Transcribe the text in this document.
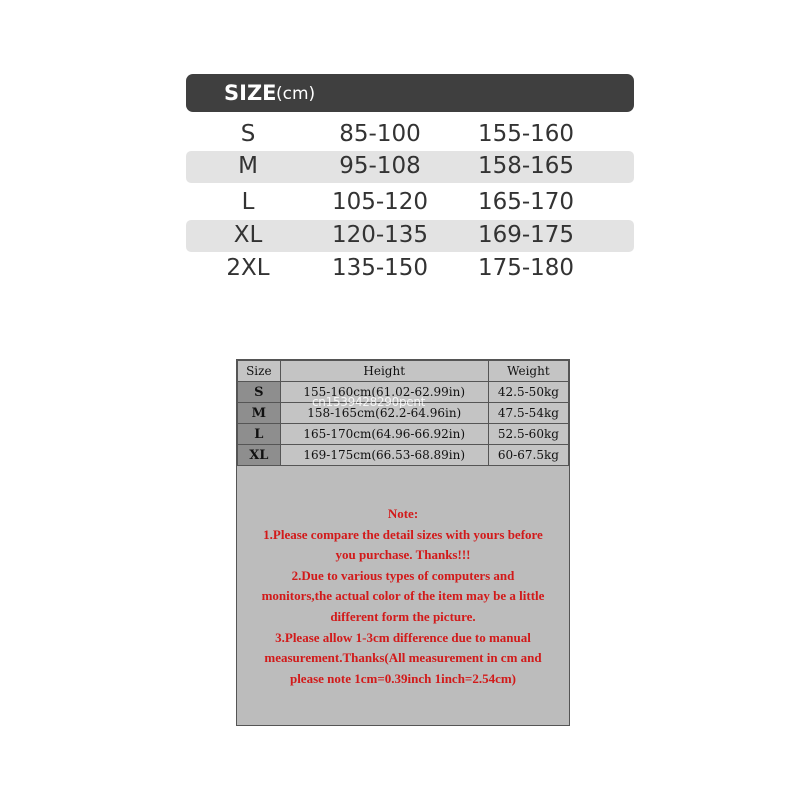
SIZE (cm)
S	85-100	155-160
M	95-108	158-165
L	105-120	165-170
XL	120-135	169-175
2XL	135-150	175-180
Size	Height	Weight
S	155-160cm(61.02-62.99in)	42.5-50kg
M	158-165cm(62.2-64.96in)	47.5-54kg
L	165-170cm(64.96-66.92in)	52.5-60kg
XL	169-175cm(66.53-68.89in)	60-67.5kg
Note:
1.Please compare the detail sizes with yours before
you purchase. Thanks!!!
2.Due to various types of computers and
monitors,the actual color of the item may be a little
different form the picture.
3.Please allow 1-3cm difference due to manual
measurement.Thanks(All measurement in cm and
please note 1cm=0.39inch 1inch=2.54cm)
cn1539428290pent
